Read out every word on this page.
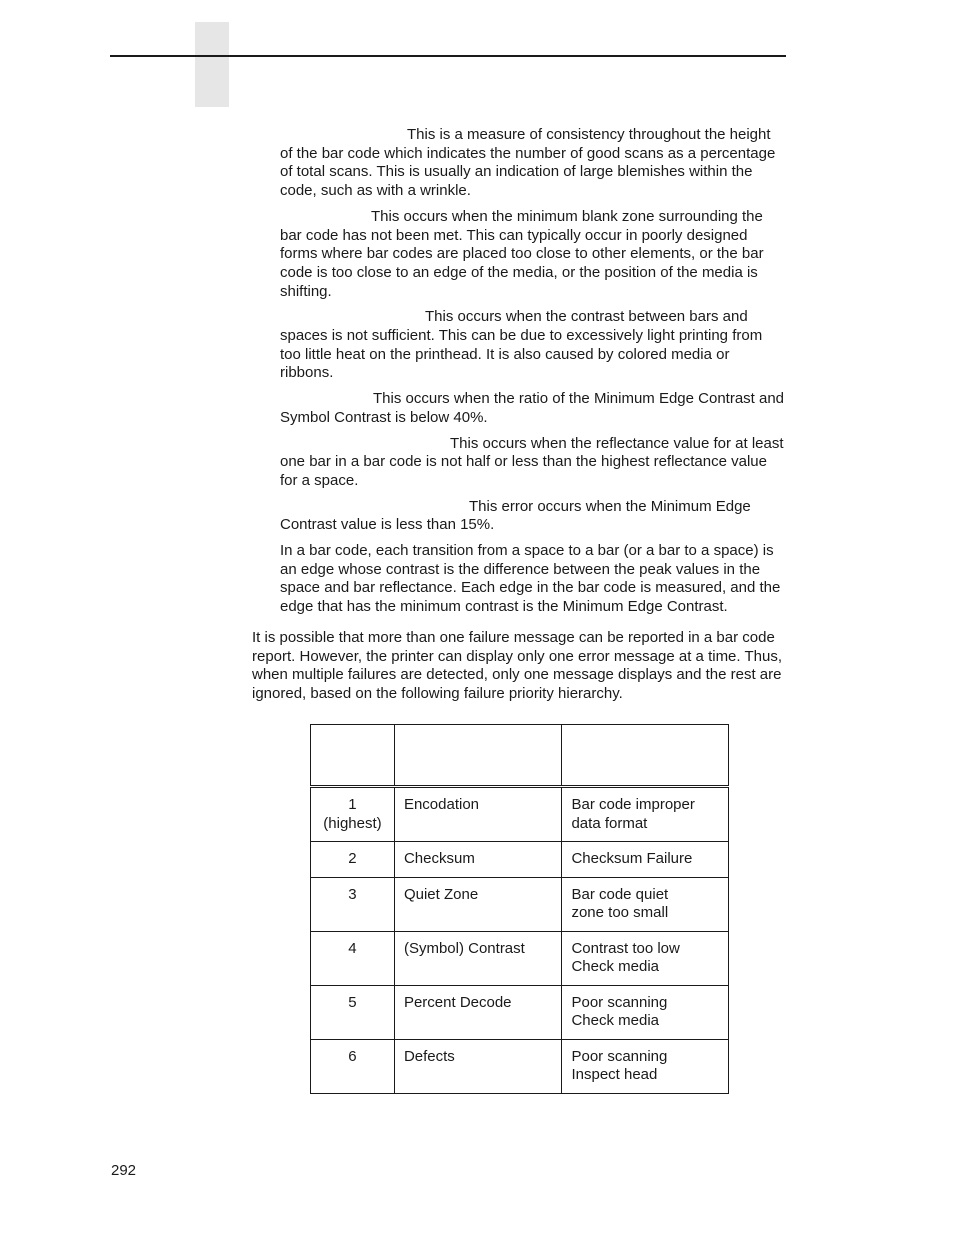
This is a measure of consistency throughout the height of the bar code which indicates the number of good scans as a percentage of total scans. This is usually an indication of large blemishes within the code, such as with a wrinkle.

This occurs when the minimum blank zone surrounding the bar code has not been met. This can typically occur in poorly designed forms where bar codes are placed too close to other elements, or the bar code is too close to an edge of the media, or the position of the media is shifting.

This occurs when the contrast between bars and spaces is not sufficient. This can be due to excessively light printing from too little heat on the printhead. It is also caused by colored media or ribbons.

This occurs when the ratio of the Minimum Edge Contrast and Symbol Contrast is below 40%.

This occurs when the reflectance value for at least one bar in a bar code is not half or less than the highest reflectance value for a space.

This error occurs when the Minimum Edge Contrast value is less than 15%.

In a bar code, each transition from a space to a bar (or a bar to a space) is an edge whose contrast is the difference between the peak values in the space and bar reflectance. Each edge in the bar code is measured, and the edge that has the minimum contrast is the Minimum Edge Contrast.

It is possible that more than one failure message can be reported in a bar code report. However, the printer can display only one error message at a time. Thus, when multiple failures are detected, only one message displays and the rest are ignored, based on the following failure priority hierarchy.

1
(highest)	Encodation	Bar code improper
data format
2	Checksum	Checksum Failure
3	Quiet Zone	Bar code quiet
zone too small
4	(Symbol) Contrast	Contrast too low
Check media
5	Percent Decode	Poor scanning
Check media
6	Defects	Poor scanning
Inspect head
292
